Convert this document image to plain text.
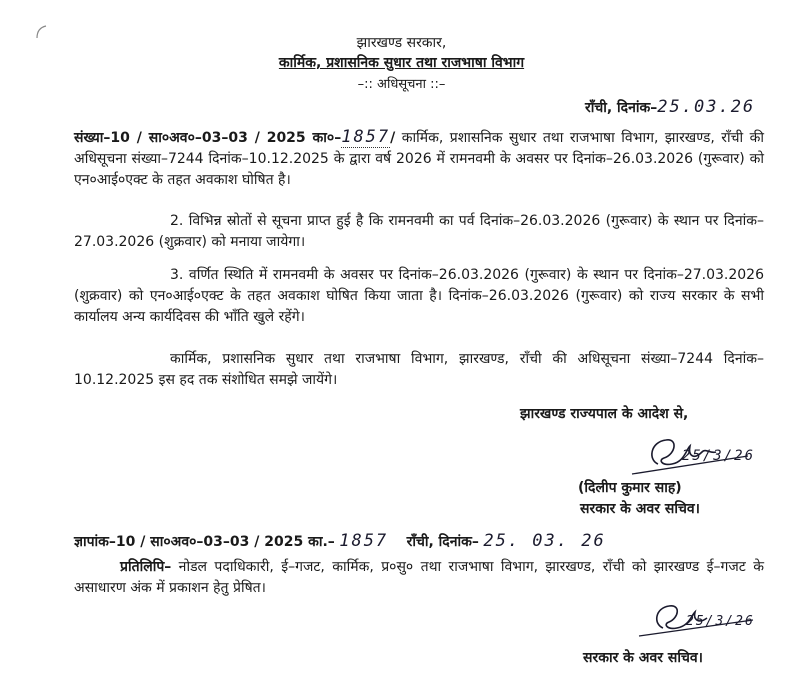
झारखण्ड सरकार,
कार्मिक, प्रशासनिक सुधार तथा राजभाषा विभाग
–:: अधिसूचना ::–
राँची, दिनांक–25.03.26
संख्या–10 / सा०अव०–03–03 / 2025 का०–1857/ कार्मिक, प्रशासनिक सुधार तथा राजभाषा विभाग, झारखण्ड, राँची की अधिसूचना संख्या–7244 दिनांक–10.12.2025 के द्वारा वर्ष 2026 में रामनवमी के अवसर पर दिनांक–26.03.2026 (गुरूवार) को एन०आई०एक्ट के तहत अवकाश घोषित है।
2. विभिन्न स्रोतों से सूचना प्राप्त हुई है कि रामनवमी का पर्व दिनांक–26.03.2026 (गुरूवार) के स्थान पर दिनांक–27.03.2026 (शुक्रवार) को मनाया जायेगा।
3. वर्णित स्थिति में रामनवमी के अवसर पर दिनांक–26.03.2026 (गुरूवार) के स्थान पर दिनांक–27.03.2026 (शुक्रवार) को एन०आई०एक्ट के तहत अवकाश घोषित किया जाता है। दिनांक–26.03.2026 (गुरूवार) को राज्य सरकार के सभी कार्यालय अन्य कार्यदिवस की भाँति खुले रहेंगे।
कार्मिक, प्रशासनिक सुधार तथा राजभाषा विभाग, झारखण्ड, राँची की अधिसूचना संख्या–7244 दिनांक–10.12.2025 इस हद तक संशोधित समझे जायेंगे।
झारखण्ड राज्यपाल के आदेश से,
25/3/26
(दिलीप कुमार साह)
सरकार के अवर सचिव।
ज्ञापांक–10 / सा०अव०–03–03 / 2025 का.– 1857 राँची, दिनांक– 25. 03. 26
प्रतिलिपि– नोडल पदाधिकारी, ई–गजट, कार्मिक, प्र०सु० तथा राजभाषा विभाग, झारखण्ड, राँची को झारखण्ड ई–गजट के असाधारण अंक में प्रकाशन हेतु प्रेषित।
25/3/26
सरकार के अवर सचिव।
